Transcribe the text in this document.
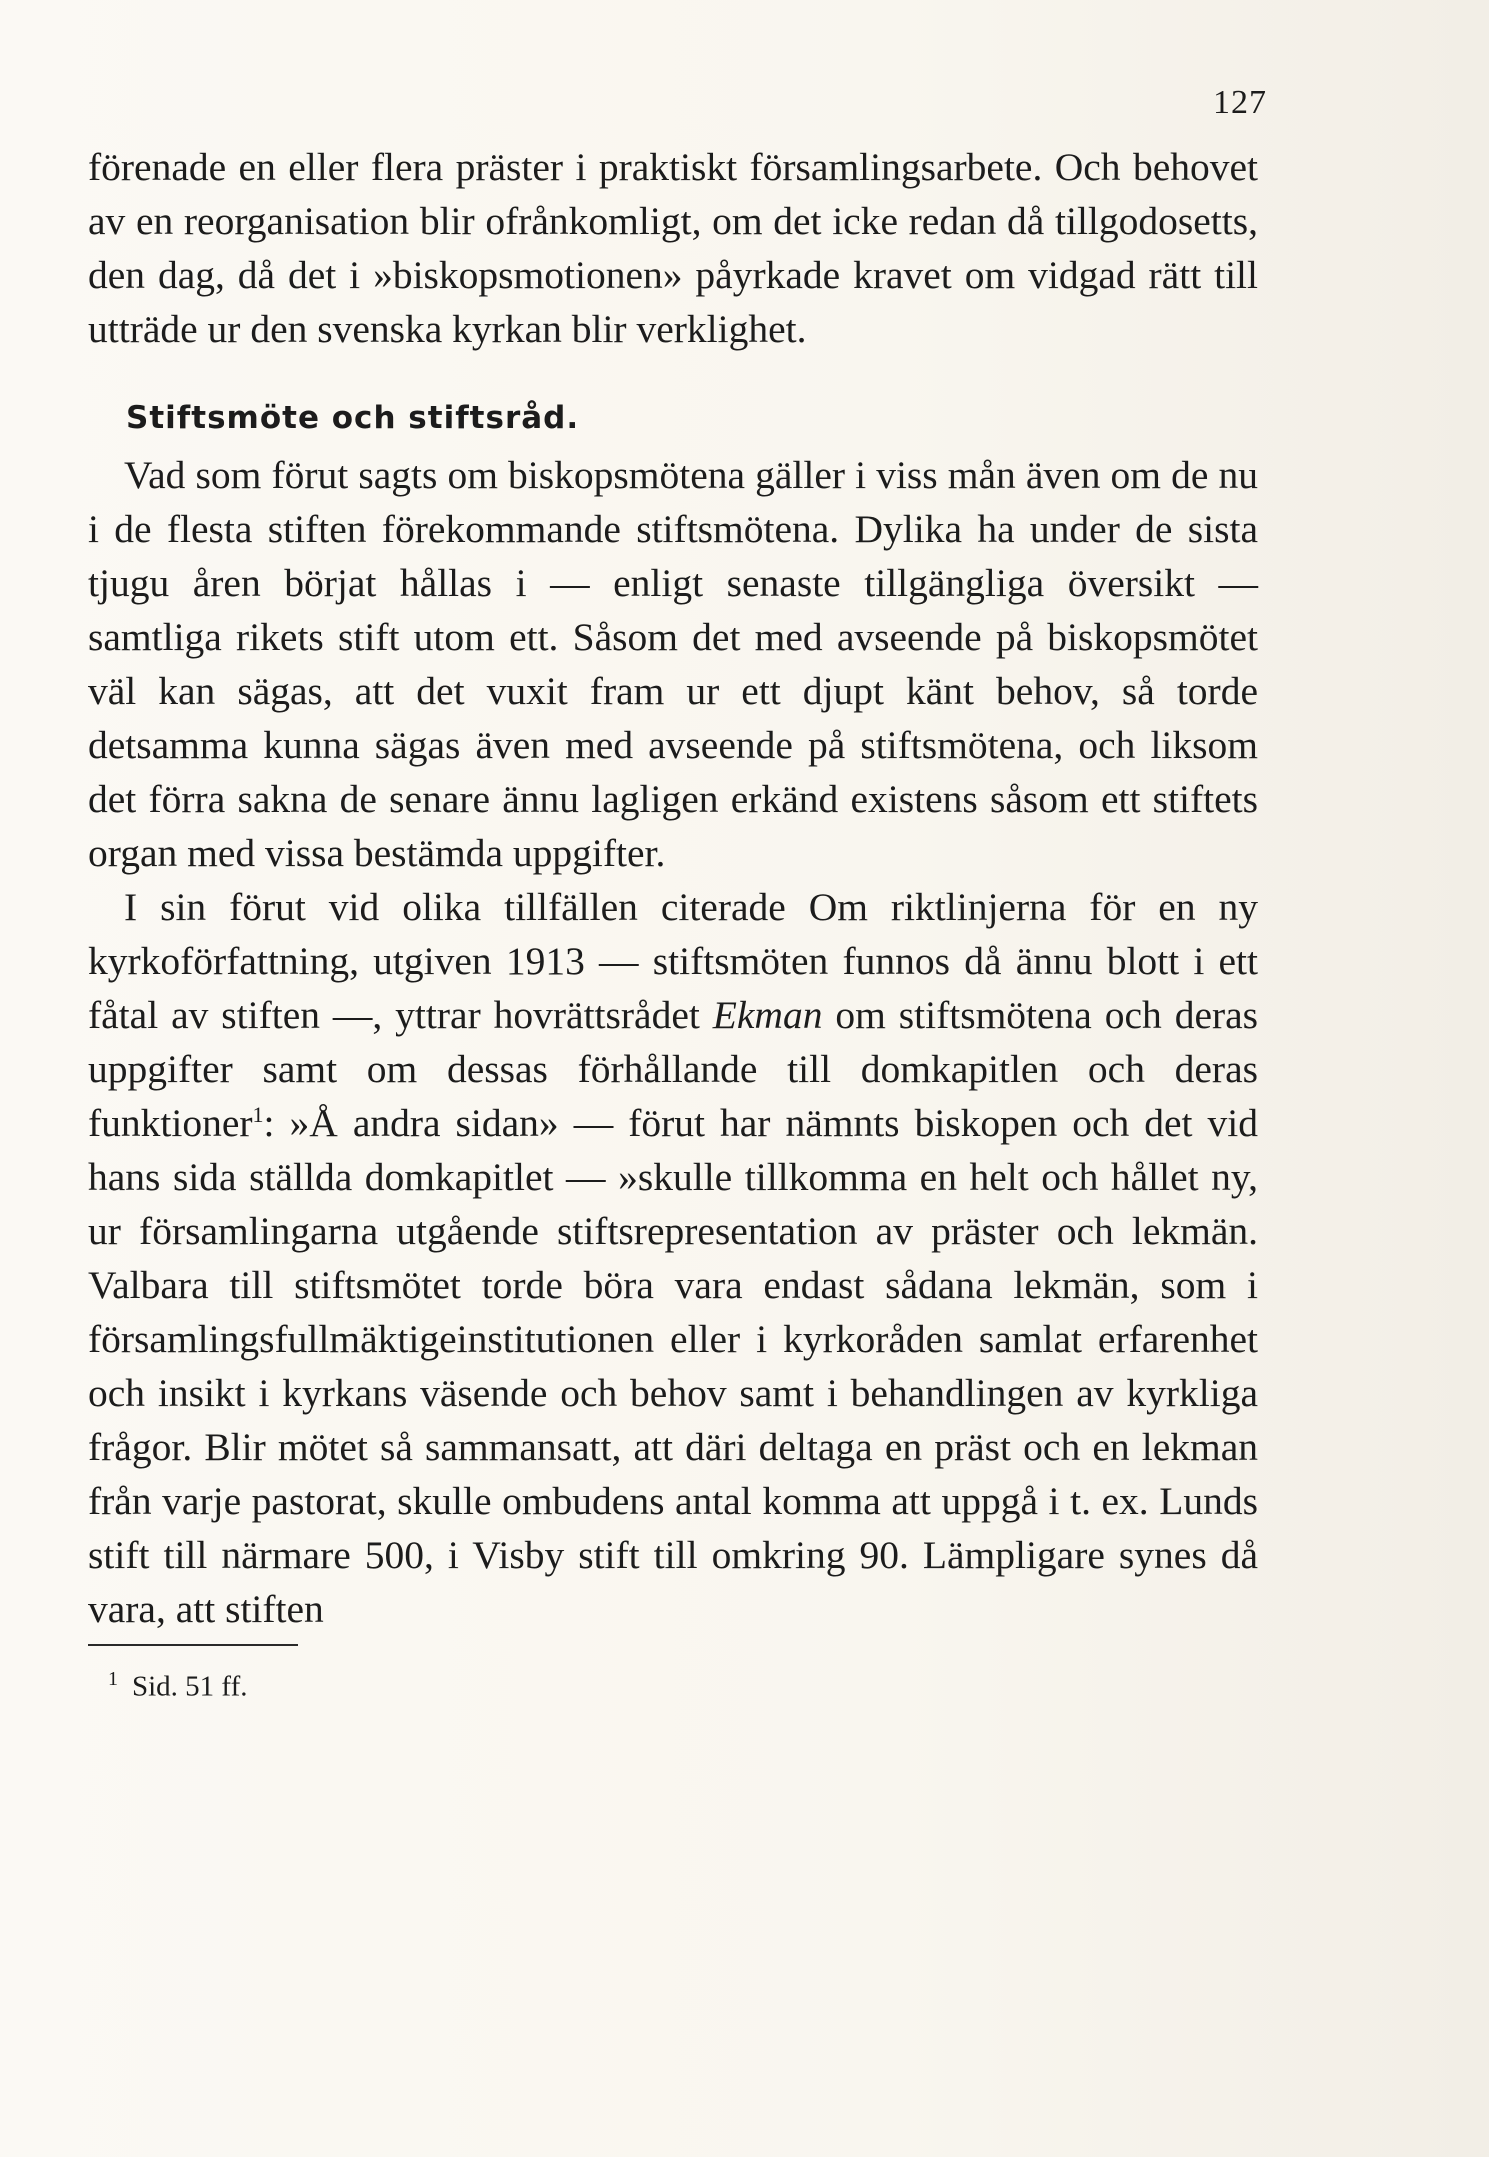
127

förenade en eller flera präster i praktiskt församlingsarbete. Och behovet av en reorganisation blir ofrånkomligt, om det icke redan då tillgodosetts, den dag, då det i »biskopsmotionen» påyrkade kravet om vidgad rätt till utträde ur den svenska kyrkan blir verklighet.

Stiftsmöte och stiftsråd.

Vad som förut sagts om biskopsmötena gäller i viss mån även om de nu i de flesta stiften förekommande stiftsmötena. Dylika ha under de sista tjugu åren börjat hållas i — enligt senaste tillgängliga översikt — samtliga rikets stift utom ett. Såsom det med avseende på biskopsmötet väl kan sägas, att det vuxit fram ur ett djupt känt behov, så torde detsamma kunna sägas även med avseende på stiftsmötena, och liksom det förra sakna de senare ännu lagligen erkänd existens såsom ett stiftets organ med vissa bestämda uppgifter.

I sin förut vid olika tillfällen citerade Om riktlinjerna för en ny kyrkoförfattning, utgiven 1913 — stiftsmöten funnos då ännu blott i ett fåtal av stiften —, yttrar hovrättsrådet Ekman om stiftsmötena och deras uppgifter samt om dessas förhållande till domkapitlen och deras funktioner$^1$: »Å andra sidan» — förut har nämnts biskopen och det vid hans sida ställda domkapitlet — »skulle tillkomma en helt och hållet ny, ur församlingarna utgående stiftsrepresentation av präster och lekmän. Valbara till stiftsmötet torde böra vara endast sådana lekmän, som i församlingsfullmäktigeinstitutionen eller i kyrkoråden samlat erfarenhet och insikt i kyrkans väsende och behov samt i behandlingen av kyrkliga frågor. Blir mötet så sammansatt, att däri deltaga en präst och en lekman från varje pastorat, skulle ombudens antal komma att uppgå i t. ex. Lunds stift till närmare 500, i Visby stift till omkring 90. Lämpligare synes då vara, att stiften

$^1$ Sid. 51 ff.
